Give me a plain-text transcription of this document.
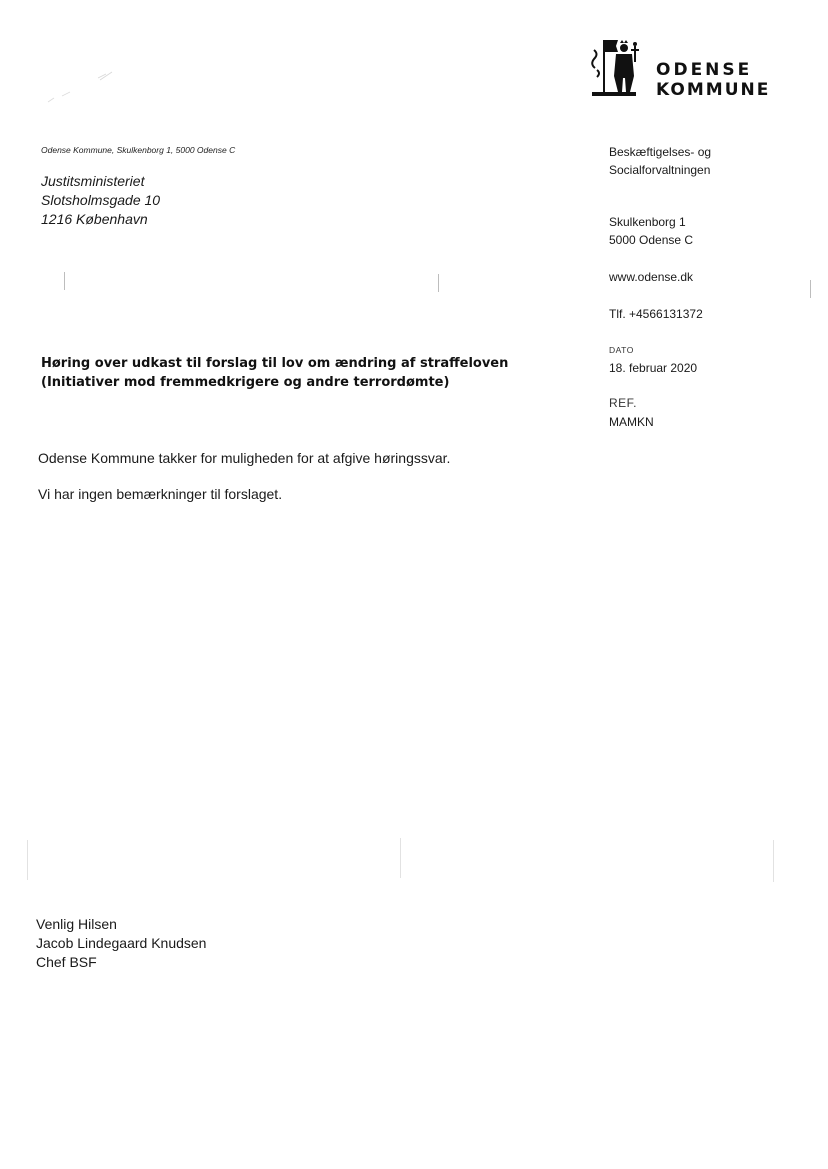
ODENSE
KOMMUNE
Odense Kommune, Skulkenborg 1, 5000 Odense C
Justitsministeriet
Slotsholmsgade 10
1216 København
Beskæftigelses- og
Socialforvaltningen
Skulkenborg 1
5000 Odense C
www.odense.dk
Tlf. +4566131372
DATO
18. februar 2020
REF.
MAMKN
Høring over udkast til forslag til lov om ændring af straffeloven (Initiativer mod fremmedkrigere og andre terrordømte)
Odense Kommune takker for muligheden for at afgive høringssvar.
Vi har ingen bemærkninger til forslaget.
Venlig Hilsen
Jacob Lindegaard Knudsen
Chef BSF
